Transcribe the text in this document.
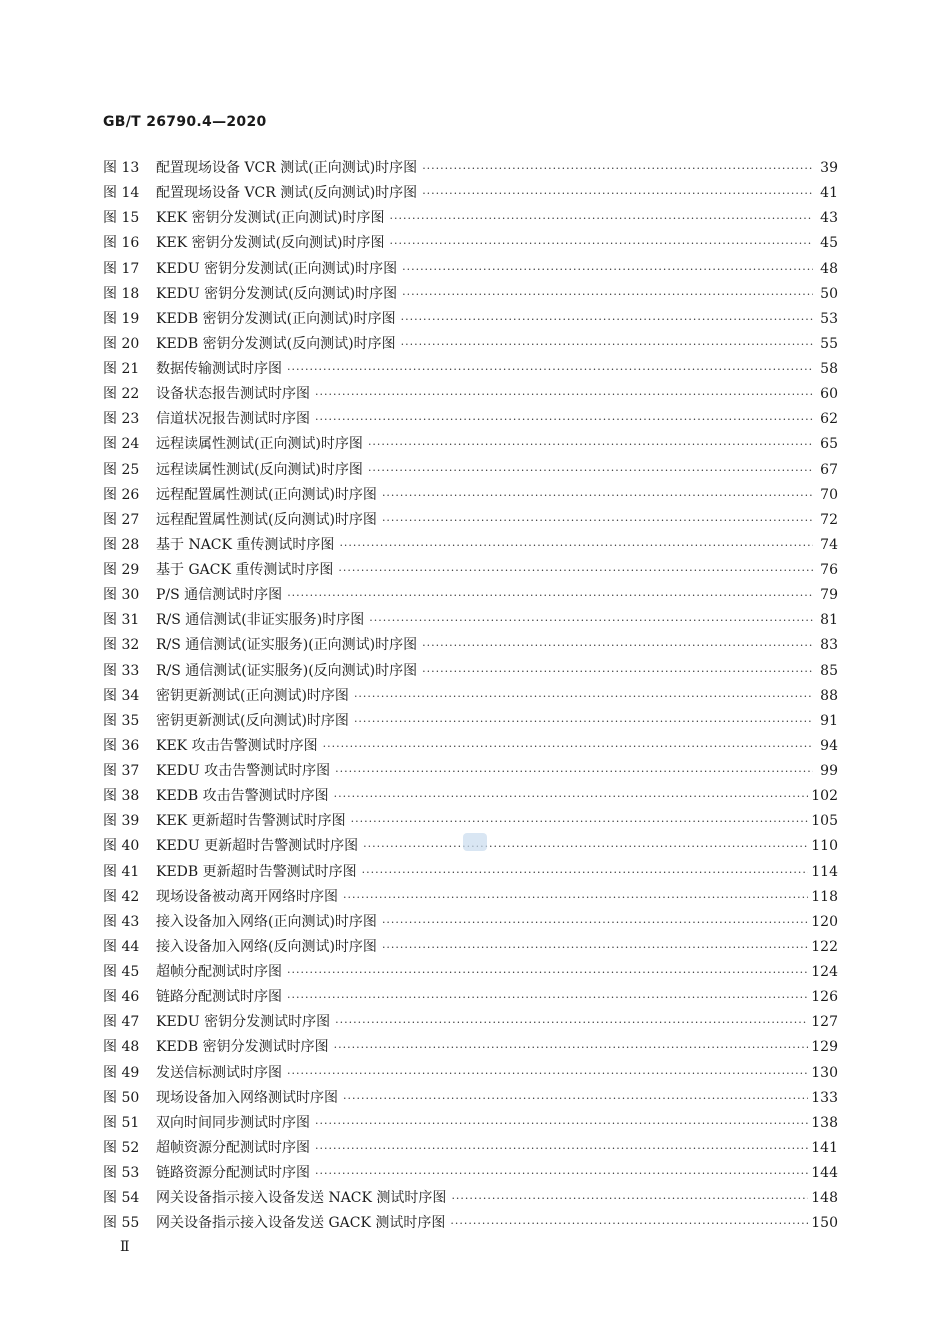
GB/T 26790.4—2020
图 13	配置现场设备 VCR 测试(正向测试)时序图 ·····	39
图 14	配置现场设备 VCR 测试(反向测试)时序图 ·····	41
图 15	KEK 密钥分发测试(正向测试)时序图 ·····	43
图 16	KEK 密钥分发测试(反向测试)时序图 ·····	45
图 17	KEDU 密钥分发测试(正向测试)时序图 ·····	48
图 18	KEDU 密钥分发测试(反向测试)时序图 ·····	50
图 19	KEDB 密钥分发测试(正向测试)时序图 ·····	53
图 20	KEDB 密钥分发测试(反向测试)时序图 ·····	55
图 21	数据传输测试时序图 ·····	58
图 22	设备状态报告测试时序图 ·····	60
图 23	信道状况报告测试时序图 ·····	62
图 24	远程读属性测试(正向测试)时序图 ·····	65
图 25	远程读属性测试(反向测试)时序图 ·····	67
图 26	远程配置属性测试(正向测试)时序图 ·····	70
图 27	远程配置属性测试(反向测试)时序图 ·····	72
图 28	基于 NACK 重传测试时序图 ·····	74
图 29	基于 GACK 重传测试时序图 ·····	76
图 30	P/S 通信测试时序图 ·····	79
图 31	R/S 通信测试(非证实服务)时序图 ·····	81
图 32	R/S 通信测试(证实服务)(正向测试)时序图 ·····	83
图 33	R/S 通信测试(证实服务)(反向测试)时序图 ·····	85
图 34	密钥更新测试(正向测试)时序图 ·····	88
图 35	密钥更新测试(反向测试)时序图 ·····	91
图 36	KEK 攻击告警测试时序图 ·····	94
图 37	KEDU 攻击告警测试时序图 ·····	99
图 38	KEDB 攻击告警测试时序图 ·····	102
图 39	KEK 更新超时告警测试时序图 ·····	105
图 40	KEDU 更新超时告警测试时序图 ·····	110
图 41	KEDB 更新超时告警测试时序图 ·····	114
图 42	现场设备被动离开网络时序图 ·····	118
图 43	接入设备加入网络(正向测试)时序图 ·····	120
图 44	接入设备加入网络(反向测试)时序图 ·····	122
图 45	超帧分配测试时序图 ·····	124
图 46	链路分配测试时序图 ·····	126
图 47	KEDU 密钥分发测试时序图 ·····	127
图 48	KEDB 密钥分发测试时序图 ·····	129
图 49	发送信标测试时序图 ·····	130
图 50	现场设备加入网络测试时序图 ·····	133
图 51	双向时间同步测试时序图 ·····	138
图 52	超帧资源分配测试时序图 ·····	141
图 53	链路资源分配测试时序图 ·····	144
图 54	网关设备指示接入设备发送 NACK 测试时序图 ·····	148
图 55	网关设备指示接入设备发送 GACK 测试时序图 ·····	150
Ⅱ
